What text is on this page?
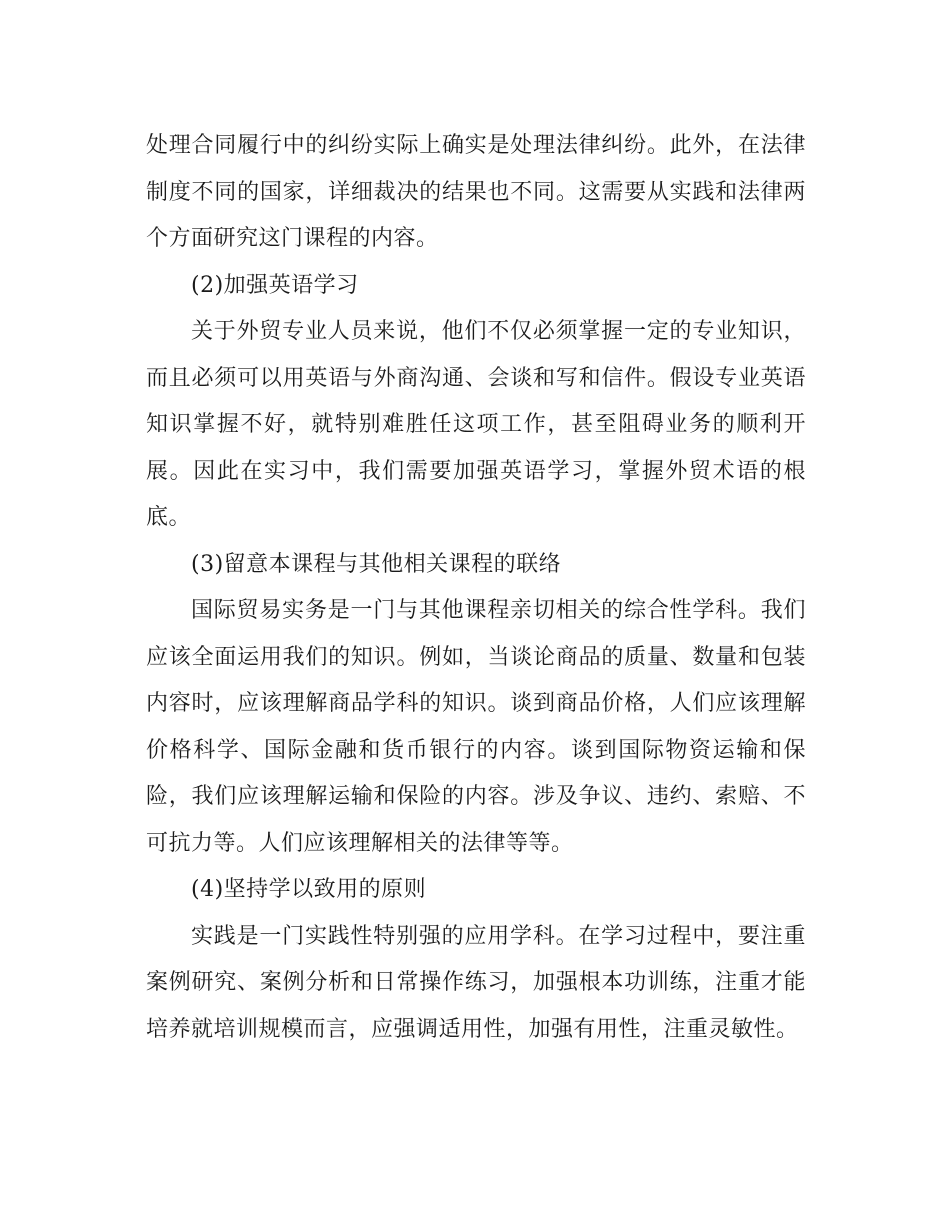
处理合同履行中的纠纷实际上确实是处理法律纠纷。此外，在法律制度不同的国家，详细裁决的结果也不同。这需要从实践和法律两个方面研究这门课程的内容。

(2)加强英语学习

关于外贸专业人员来说，他们不仅必须掌握一定的专业知识，而且必须可以用英语与外商沟通、会谈和写和信件。假设专业英语知识掌握不好，就特别难胜任这项工作，甚至阻碍业务的顺利开展。因此在实习中，我们需要加强英语学习，掌握外贸术语的根底。

(3)留意本课程与其他相关课程的联络

国际贸易实务是一门与其他课程亲切相关的综合性学科。我们应该全面运用我们的知识。例如，当谈论商品的质量、数量和包装内容时，应该理解商品学科的知识。谈到商品价格，人们应该理解价格科学、国际金融和货币银行的内容。谈到国际物资运输和保险，我们应该理解运输和保险的内容。涉及争议、违约、索赔、不可抗力等。人们应该理解相关的法律等等。

(4)坚持学以致用的原则

实践是一门实践性特别强的应用学科。在学习过程中，要注重案例研究、案例分析和日常操作练习，加强根本功训练，注重才能培养就培训规模而言，应强调适用性，加强有用性，注重灵敏性。
